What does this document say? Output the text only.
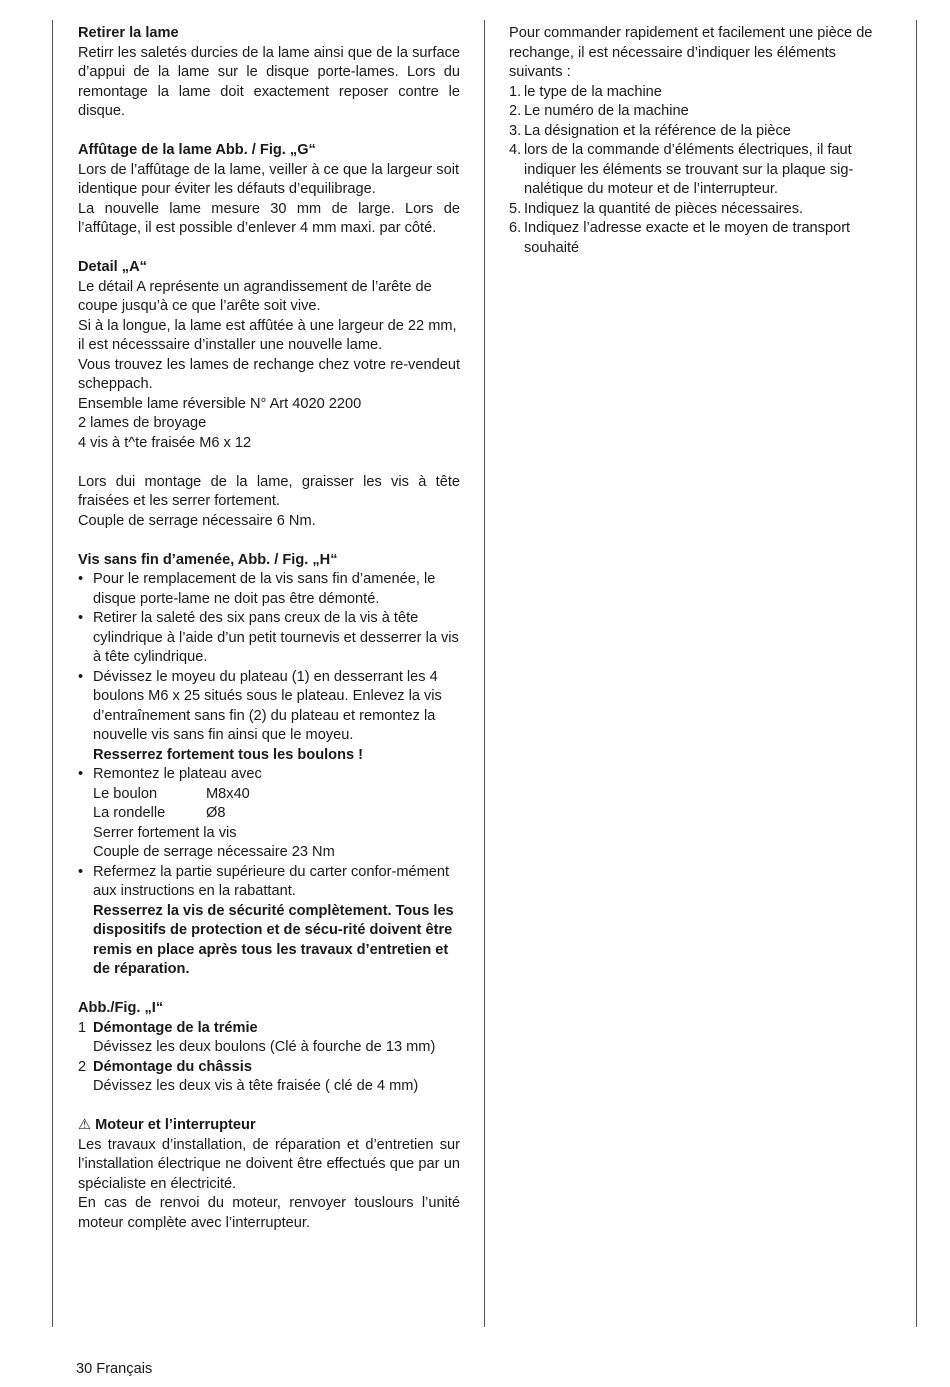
Retirer la lame

Retirr les saletés durcies de la lame ainsi que de la surface d’appui de la lame sur le disque porte-lames. Lors du remontage la lame doit exactement reposer contre le disque.

Affûtage de la lame Abb. / Fig. „G“

Lors de l’affûtage de la lame, veiller à ce que la largeur soit identique pour éviter les défauts d’equilibrage.

La nouvelle lame mesure 30 mm de large. Lors de l’affûtage, il est possible d’enlever 4 mm maxi. par côté.

Detail „A“

Le détail A représente un agrandissement de l’arête de coupe jusqu’à ce que l’arête soit vive.

Si à la longue, la lame est affûtée à une largeur de 22 mm, il est nécesssaire d’installer une nouvelle lame.

Vous trouvez les lames de rechange chez votre re-vendeut scheppach.

Ensemble lame réversible N° Art 4020 2200

2 lames de broyage

4 vis à t^te fraisée M6 x 12

Lors dui montage de la lame, graisser les vis à tête fraisées et les serrer fortement.

Couple de serrage nécessaire 6 Nm.

Vis sans fin d’amenée, Abb. / Fig. „H“

• Pour le remplacement de la vis sans fin d’amenée, le disque porte-lame ne doit pas être démonté.

• Retirer la saleté des six pans creux de la vis à tête cylindrique à l’aide d’un petit tournevis et desserrer la vis à tête cylindrique.

• Dévissez le moyeu du plateau (1) en desserrant les 4 boulons M6 x 25 situés sous le plateau. Enlevez la vis d’entraînement sans fin (2) du plateau et remontez la nouvelle vis sans fin ainsi que le moyeu.

Resserrez fortement tous les boulons !

• Remontez le plateau avec

Le boulon	M8x40

La rondelle	Ø8

Serrer fortement la vis

Couple de serrage nécessaire 23 Nm

• Refermez la partie supérieure du carter confor-mément aux instructions en la rabattant.

Resserrez la vis de sécurité complètement. Tous les dispositifs de protection et de sécu-rité doivent être remis en place après tous les travaux d’entretien et de réparation.

Abb./Fig. „I“

1 Démontage de la trémie

Dévissez les deux boulons (Clé à fourche de 13 mm)

2 Démontage du châssis

Dévissez les deux vis à tête fraisée ( clé de 4 mm)

⚠ Moteur et l’interrupteur

Les travaux d’installation, de réparation et d’entretien sur l’installation électrique ne doivent être effectués que par un spécialiste en électricité.

En cas de renvoi du moteur, renvoyer touslours l’unité moteur complète avec l’interrupteur.

Pour commander rapidement et facilement une pièce de rechange, il est nécessaire d’indiquer les éléments suivants :

1. le type de la machine
2. Le numéro de la machine
3. La désignation et la référence de la pièce
4. lors de la commande d’éléments électriques, il faut indiquer les éléments se trouvant sur la plaque sig-nalétique du moteur et de l’interrupteur.
5. Indiquez la quantité de pièces nécessaires.
6. Indiquez l’adresse exacte et le moyen de transport souhaité
30 Français
